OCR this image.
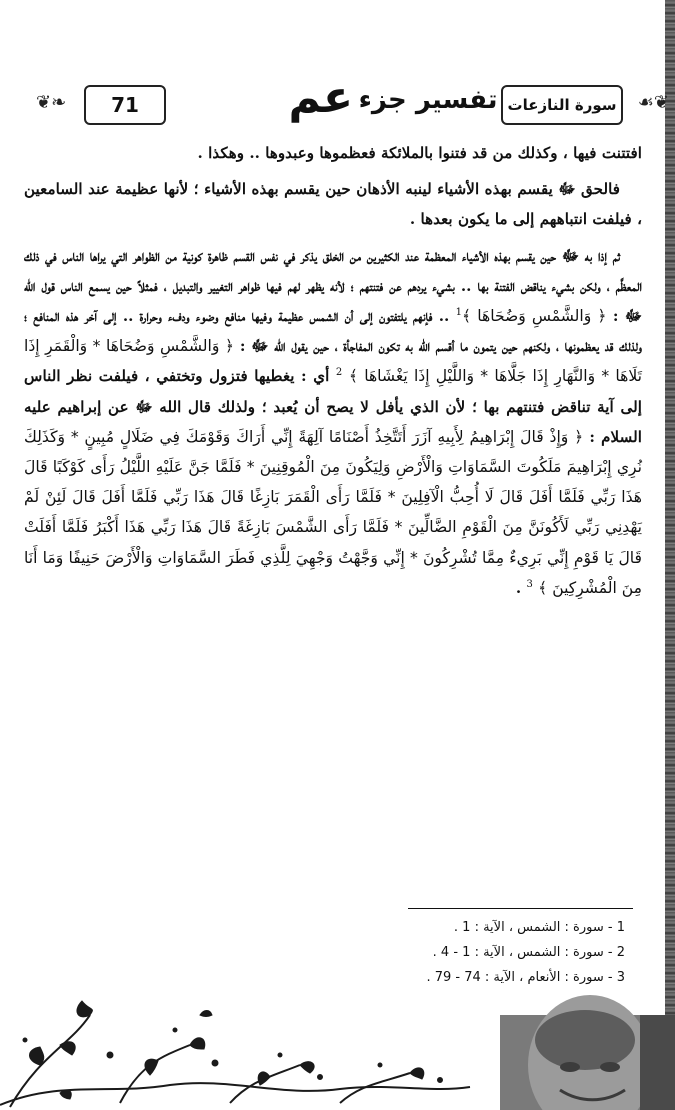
❦❧	71	تفسير جزء عم	سورة النازعات	☙❦

افتتنت فيها ، وكذلك من قد فتنوا بالملائكة فعظموها وعبدوها .. وهكذا .

فالحق ﷻ يقسم بهذه الأشياء لينبه الأذهان حين يقسم بهذه الأشياء ؛ لأنها عظيمة عند السامعين ، فيلفت انتباههم إلى ما يكون بعدها .

ثم إذا به ﷻ حين يقسم بهذه الأشياء المعظمة عند الكثيرين من الخلق يذكر في نفس القسم ظاهرة كونية من الظواهر التي يراها الناس في ذلك المعظَّم ، ولكن بشيء يناقض الفتنة بها .. بشيء يردهم عن فتنتهم ؛ لأنه يظهر لهم فيها ظواهر التغيير والتبديل ، فمثلاً حين يسمع الناس قول الله ﷻ : ﴿ وَالشَّمْسِ وَضُحَاهَا ﴾$^1$ .. فإنهم يلتفتون إلى أن الشمس عظيمة وفيها منافع وضوء ودفء وحرارة .. إلى آخر هذه المنافع ؛ ولذلك قد يعظمونها ، ولكنهم حين يتمون ما أقسم الله به تكون المفاجأة ، حين يقول الله ﷻ : ﴿ وَالشَّمْسِ وَضُحَاهَا * وَالْقَمَرِ إِذَا تَلَاهَا * وَالنَّهَارِ إِذَا جَلَّاهَا * وَاللَّيْلِ إِذَا يَغْشَاهَا ﴾ $^2$ أي : يغطيها فتزول وتختفي ، فيلفت نظر الناس إلى آية تناقض فتنتهم بها ؛ لأن الذي يأفل لا يصح أن يُعبد ؛ ولذلك قال الله ﷻ عن إبراهيم عليه السلام : ﴿ وَإِذْ قَالَ إِبْرَاهِيمُ لِأَبِيهِ آزَرَ أَتَتَّخِذُ أَصْنَامًا آلِهَةً إِنِّي أَرَاكَ وَقَوْمَكَ فِي ضَلَالٍ مُبِينٍ * وَكَذَلِكَ نُرِي إِبْرَاهِيمَ مَلَكُوتَ السَّمَاوَاتِ وَالْأَرْضِ وَلِيَكُونَ مِنَ الْمُوقِنِينَ * فَلَمَّا جَنَّ عَلَيْهِ اللَّيْلُ رَأَى كَوْكَبًا قَالَ هَذَا رَبِّي فَلَمَّا أَفَلَ قَالَ لَا أُحِبُّ الْآفِلِينَ * فَلَمَّا رَأَى الْقَمَرَ بَازِغًا قَالَ هَذَا رَبِّي فَلَمَّا أَفَلَ قَالَ لَئِنْ لَمْ يَهْدِنِي رَبِّي لَأَكُونَنَّ مِنَ الْقَوْمِ الضَّالِّينَ * فَلَمَّا رَأَى الشَّمْسَ بَازِغَةً قَالَ هَذَا رَبِّي هَذَا أَكْبَرُ فَلَمَّا أَفَلَتْ قَالَ يَا قَوْمِ إِنِّي بَرِيءٌ مِمَّا تُشْرِكُونَ * إِنِّي وَجَّهْتُ وَجْهِيَ لِلَّذِي فَطَرَ السَّمَاوَاتِ وَالْأَرْضَ حَنِيفًا وَمَا أَنَا مِنَ الْمُشْرِكِينَ ﴾ $^3$ .

1 - سورة : الشمس ، الآية : 1 .
2 - سورة : الشمس ، الآية : 1 - 4 .
3 - سورة : الأنعام ، الآية : 74 - 79 .
